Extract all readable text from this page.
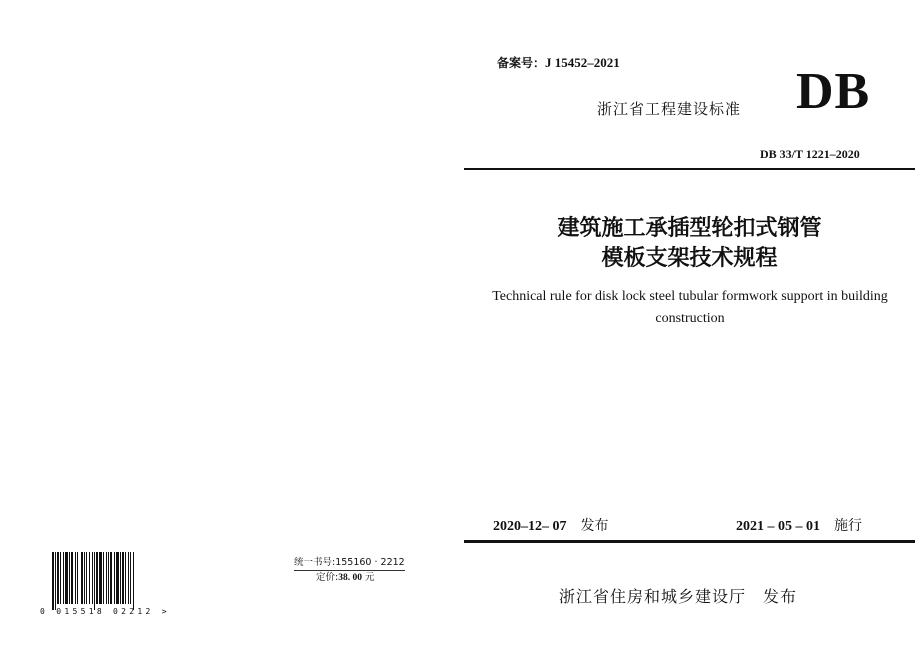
备案号：J 15452–2021
浙江省工程建设标准 DB
DB 33/T 1221–2020
建筑施工承插型轮扣式钢管
模板支架技术规程
Technical rule for disk lock steel tubular formwork support in building construction
2020–12– 07 发布	2021 – 05 – 01 施行
浙江省住房和城乡建设厅　发布
统一书号:155160 · 2212
定价:38. 00 元
0 015518 02212 >
